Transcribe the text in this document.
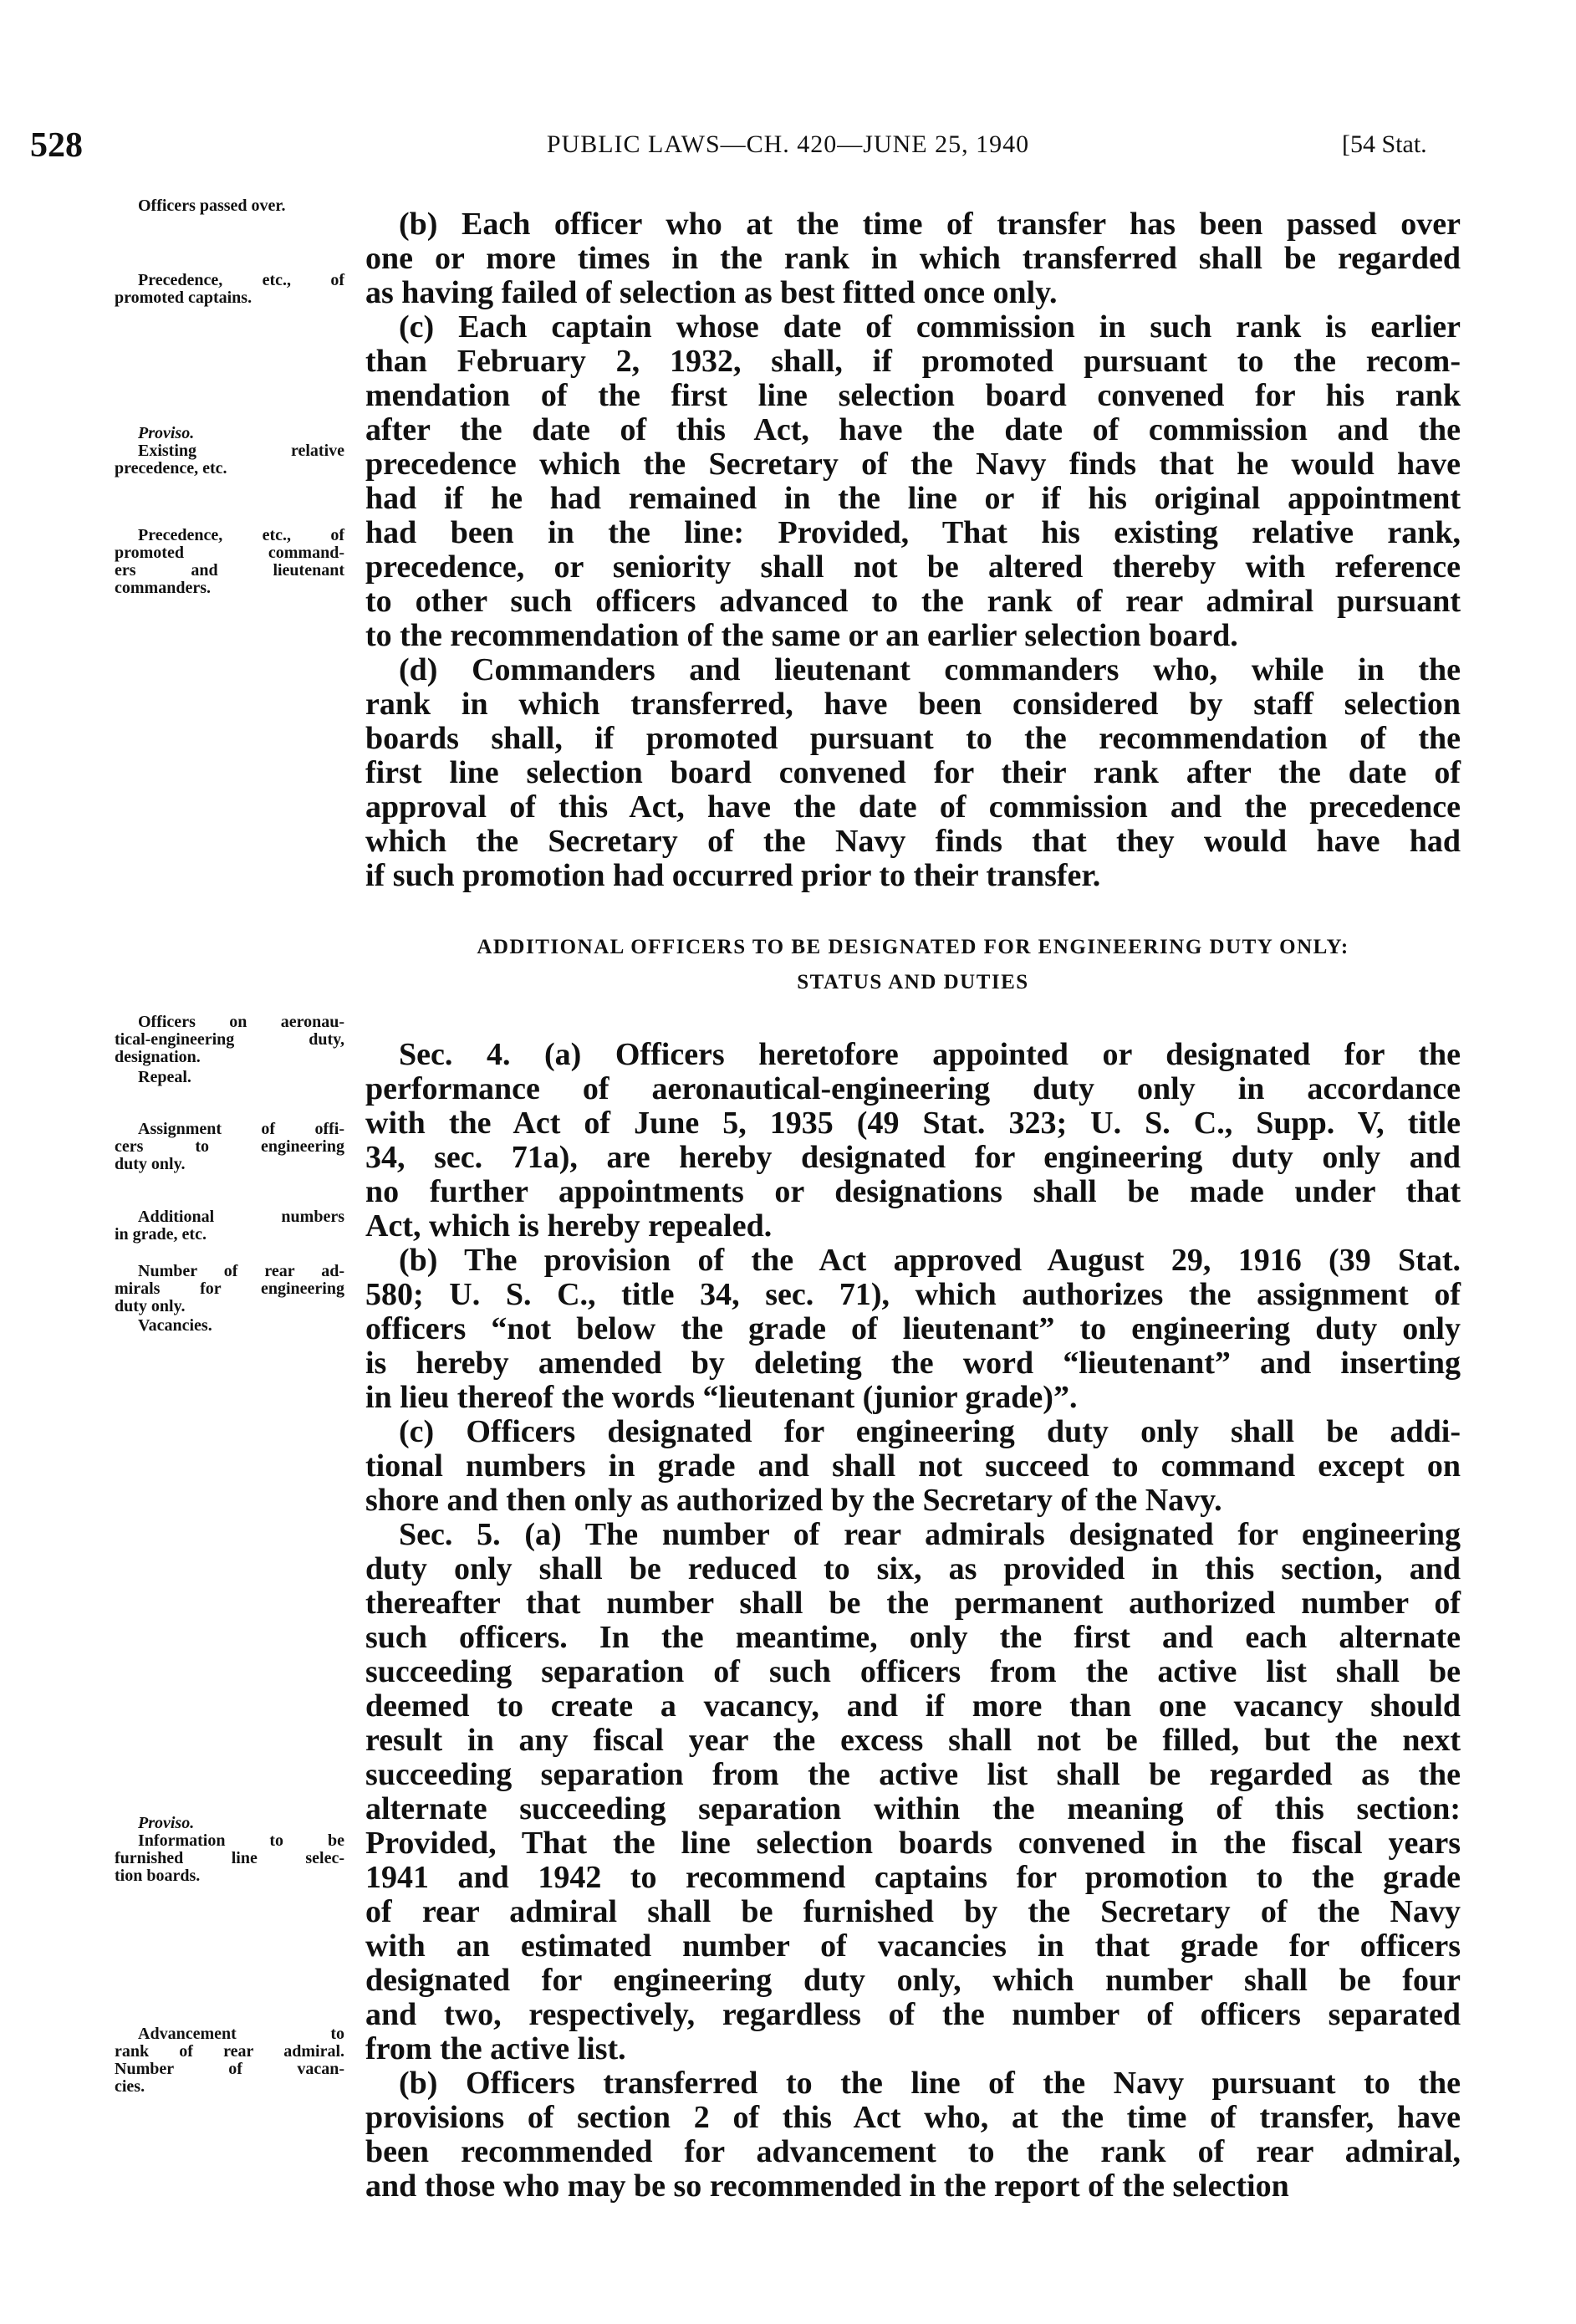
528	PUBLIC LAWS—CH. 420—JUNE 25, 1940	[54 Stat.
(b) Each officer who at the time of transfer has been passed over
one or more times in the rank in which transferred shall be regarded
as having failed of selection as best fitted once only.
(c) Each captain whose date of commission in such rank is earlier
than February 2, 1932, shall, if promoted pursuant to the recom-
mendation of the first line selection board convened for his rank
after the date of this Act, have the date of commission and the
precedence which the Secretary of the Navy finds that he would have
had if he had remained in the line or if his original appointment
had been in the line: Provided, That his existing relative rank,
precedence, or seniority shall not be altered thereby with reference
to other such officers advanced to the rank of rear admiral pursuant
to the recommendation of the same or an earlier selection board.
(d) Commanders and lieutenant commanders who, while in the
rank in which transferred, have been considered by staff selection
boards shall, if promoted pursuant to the recommendation of the
first line selection board convened for their rank after the date of
approval of this Act, have the date of commission and the precedence
which the Secretary of the Navy finds that they would have had
if such promotion had occurred prior to their transfer.
ADDITIONAL OFFICERS TO BE DESIGNATED FOR ENGINEERING DUTY ONLY:
STATUS AND DUTIES
Sec. 4. (a) Officers heretofore appointed or designated for the
performance of aeronautical-engineering duty only in accordance
with the Act of June 5, 1935 (49 Stat. 323; U. S. C., Supp. V, title
34, sec. 71a), are hereby designated for engineering duty only and
no further appointments or designations shall be made under that
Act, which is hereby repealed.
(b) The provision of the Act approved August 29, 1916 (39 Stat.
580; U. S. C., title 34, sec. 71), which authorizes the assignment of
officers “not below the grade of lieutenant” to engineering duty only
is hereby amended by deleting the word “lieutenant” and inserting
in lieu thereof the words “lieutenant (junior grade)”.
(c) Officers designated for engineering duty only shall be addi-
tional numbers in grade and shall not succeed to command except on
shore and then only as authorized by the Secretary of the Navy.
Sec. 5. (a) The number of rear admirals designated for engineering
duty only shall be reduced to six, as provided in this section, and
thereafter that number shall be the permanent authorized number of
such officers. In the meantime, only the first and each alternate
succeeding separation of such officers from the active list shall be
deemed to create a vacancy, and if more than one vacancy should
result in any fiscal year the excess shall not be filled, but the next
succeeding separation from the active list shall be regarded as the
alternate succeeding separation within the meaning of this section:
Provided, That the line selection boards convened in the fiscal years
1941 and 1942 to recommend captains for promotion to the grade
of rear admiral shall be furnished by the Secretary of the Navy
with an estimated number of vacancies in that grade for officers
designated for engineering duty only, which number shall be four
and two, respectively, regardless of the number of officers separated
from the active list.
(b) Officers transferred to the line of the Navy pursuant to the
provisions of section 2 of this Act who, at the time of transfer, have
been recommended for advancement to the rank of rear admiral,
and those who may be so recommended in the report of the selection
Officers passed over.
Precedence, etc., of
promoted captains.
Proviso.
Existing relative
precedence, etc.
Precedence, etc., of
promoted command-
ers and lieutenant
commanders.
Officers on aeronau-
tical-engineering duty,
designation.
Repeal.
Assignment of offi-
cers to engineering
duty only.
Additional numbers
in grade, etc.
Number of rear ad-
mirals for engineering
duty only.
Vacancies.
Proviso.
Information to be
furnished line selec-
tion boards.
Advancement to
rank of rear admiral.
Number of vacan-
cies.
